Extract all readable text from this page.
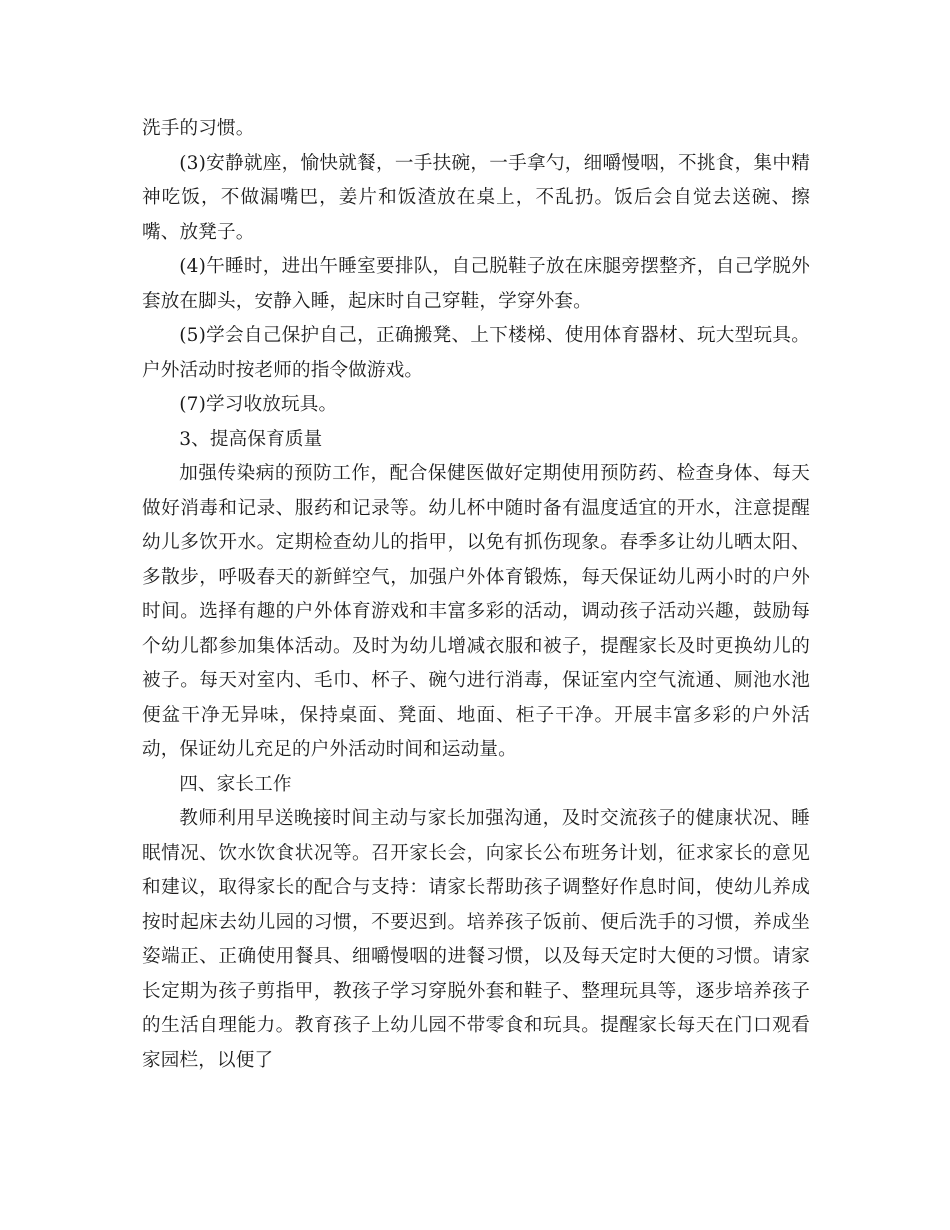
洗手的习惯。

(3)安静就座，愉快就餐，一手扶碗，一手拿勺，细嚼慢咽，不挑食，集中精神吃饭，不做漏嘴巴，姜片和饭渣放在桌上，不乱扔。饭后会自觉去送碗、擦嘴、放凳子。

(4)午睡时，进出午睡室要排队，自己脱鞋子放在床腿旁摆整齐，自己学脱外套放在脚头，安静入睡，起床时自己穿鞋，学穿外套。

(5)学会自己保护自己，正确搬凳、上下楼梯、使用体育器材、玩大型玩具。户外活动时按老师的指令做游戏。

(7)学习收放玩具。

3、提高保育质量

加强传染病的预防工作，配合保健医做好定期使用预防药、检查身体、每天做好消毒和记录、服药和记录等。幼儿杯中随时备有温度适宜的开水，注意提醒幼儿多饮开水。定期检查幼儿的指甲，以免有抓伤现象。春季多让幼儿晒太阳、多散步，呼吸春天的新鲜空气，加强户外体育锻炼，每天保证幼儿两小时的户外时间。选择有趣的户外体育游戏和丰富多彩的活动，调动孩子活动兴趣，鼓励每个幼儿都参加集体活动。及时为幼儿增减衣服和被子，提醒家长及时更换幼儿的被子。每天对室内、毛巾、杯子、碗勺进行消毒，保证室内空气流通、厕池水池便盆干净无异味，保持桌面、凳面、地面、柜子干净。开展丰富多彩的户外活动，保证幼儿充足的户外活动时间和运动量。

四、家长工作

教师利用早送晚接时间主动与家长加强沟通，及时交流孩子的健康状况、睡眠情况、饮水饮食状况等。召开家长会，向家长公布班务计划，征求家长的意见和建议，取得家长的配合与支持：请家长帮助孩子调整好作息时间，使幼儿养成按时起床去幼儿园的习惯，不要迟到。培养孩子饭前、便后洗手的习惯，养成坐姿端正、正确使用餐具、细嚼慢咽的进餐习惯，以及每天定时大便的习惯。请家长定期为孩子剪指甲，教孩子学习穿脱外套和鞋子、整理玩具等，逐步培养孩子的生活自理能力。教育孩子上幼儿园不带零食和玩具。提醒家长每天在门口观看家园栏，以便了
